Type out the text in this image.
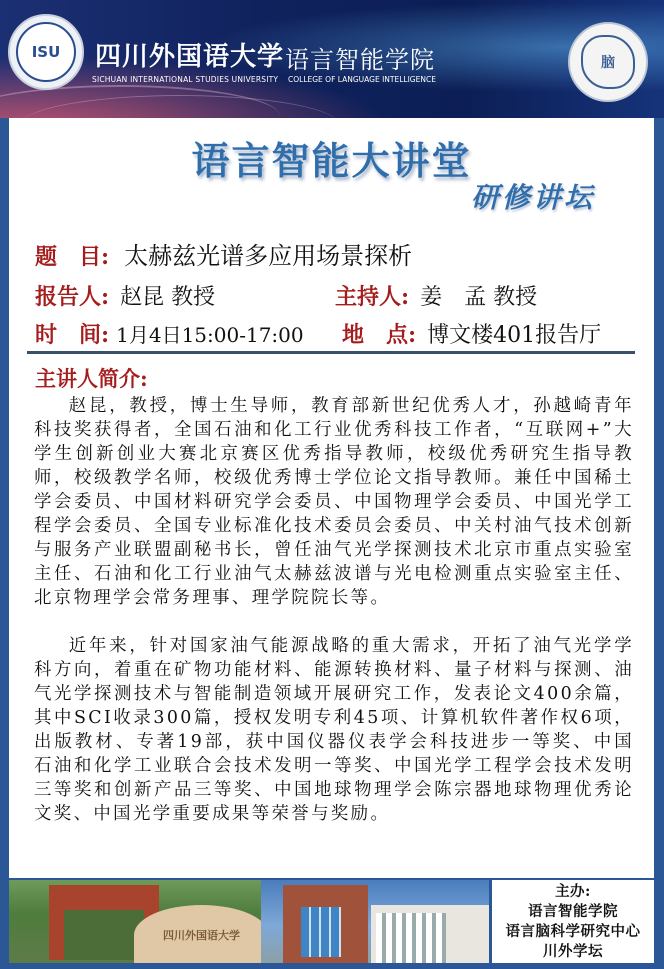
ISU	四川外国语大学 语言智能学院
SICHUAN INTERNATIONAL STUDIES UNIVERSITY COLLEGE OF LANGUAGE INTELLIGENCE
脑
语言智能大讲堂
研修讲坛
题　目: 太赫兹光谱多应用场景探析
报告人: 赵昆 教授	主持人: 姜　孟 教授
时　间: 1月4日15:00-17:00 地　点: 博文楼401报告厅
主讲人简介:

赵昆，教授，博士生导师，教育部新世纪优秀人才，孙越崎青年科技奖获得者，全国石油和化工行业优秀科技工作者，“互联网+”大学生创新创业大赛北京赛区优秀指导教师，校级优秀研究生指导教师，校级教学名师，校级优秀博士学位论文指导教师。兼任中国稀土学会委员、中国材料研究学会委员、中国物理学会委员、中国光学工程学会委员、全国专业标准化技术委员会委员、中关村油气技术创新与服务产业联盟副秘书长，曾任油气光学探测技术北京市重点实验室主任、石油和化工行业油气太赫兹波谱与光电检测重点实验室主任、北京物理学会常务理事、理学院院长等。

近年来，针对国家油气能源战略的重大需求，开拓了油气光学学科方向，着重在矿物功能材料、能源转换材料、量子材料与探测、油气光学探测技术与智能制造领域开展研究工作，发表论文400余篇，其中SCI收录300篇，授权发明专利45项、计算机软件著作权6项，出版教材、专著19部，获中国仪器仪表学会科技进步一等奖、中国石油和化学工业联合会技术发明一等奖、中国光学工程学会技术发明三等奖和创新产品三等奖、中国地球物理学会陈宗器地球物理优秀论文奖、中国光学重要成果等荣誉与奖励。

四川外国语大学
主办:
语言智能学院
语言脑科学研究中心
川外学坛
